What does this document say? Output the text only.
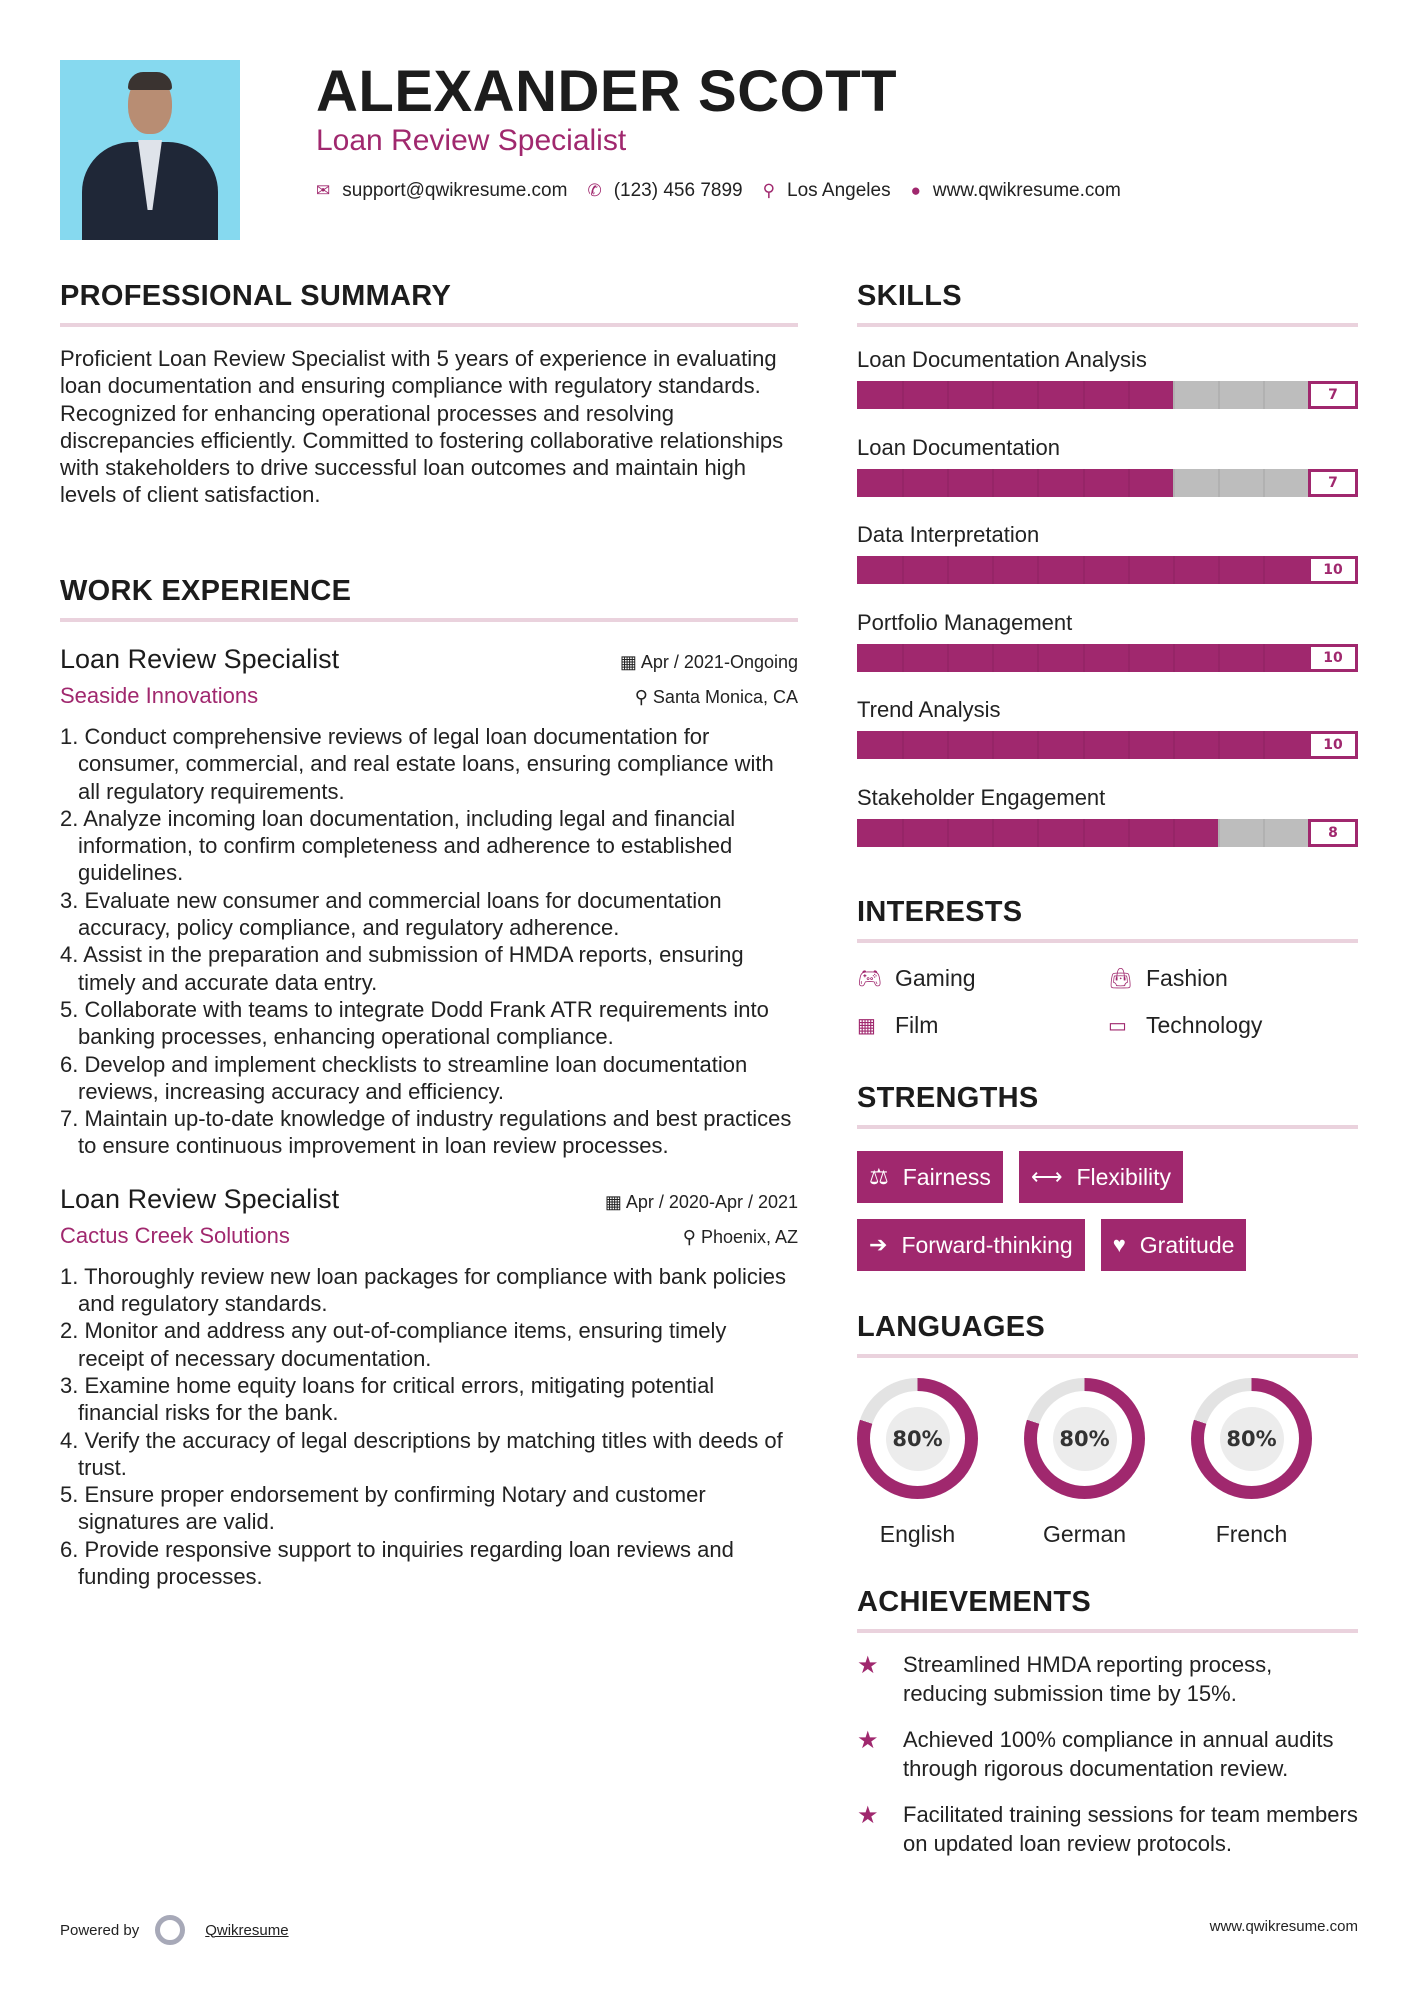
ALEXANDER SCOTT
Loan Review Specialist
✉ support@qwikresume.com ✆ (123) 456 7899 ⚲ Los Angeles ● www.qwikresume.com
PROFESSIONAL SUMMARY

Proficient Loan Review Specialist with 5 years of experience in evaluating loan documentation and ensuring compliance with regulatory standards. Recognized for enhancing operational processes and resolving discrepancies efficiently. Committed to fostering collaborative relationships with stakeholders to drive successful loan outcomes and maintain high levels of client satisfaction.

WORK EXPERIENCE
Loan Review Specialist	▦ Apr / 2021-Ongoing
Seaside Innovations	⚲ Santa Monica, CA
1. Conduct comprehensive reviews of legal loan documentation for consumer, commercial, and real estate loans, ensuring compliance with all regulatory requirements.
2. Analyze incoming loan documentation, including legal and financial information, to confirm completeness and adherence to established guidelines.
3. Evaluate new consumer and commercial loans for documentation accuracy, policy compliance, and regulatory adherence.
4. Assist in the preparation and submission of HMDA reports, ensuring timely and accurate data entry.
5. Collaborate with teams to integrate Dodd Frank ATR requirements into banking processes, enhancing operational compliance.
6. Develop and implement checklists to streamline loan documentation reviews, increasing accuracy and efficiency.
7. Maintain up-to-date knowledge of industry regulations and best practices to ensure continuous improvement in loan review processes.
Loan Review Specialist	▦ Apr / 2020-Apr / 2021
Cactus Creek Solutions	⚲ Phoenix, AZ
1. Thoroughly review new loan packages for compliance with bank policies and regulatory standards.
2. Monitor and address any out-of-compliance items, ensuring timely receipt of necessary documentation.
3. Examine home equity loans for critical errors, mitigating potential financial risks for the bank.
4. Verify the accuracy of legal descriptions by matching titles with deeds of trust.
5. Ensure proper endorsement by confirming Notary and customer signatures are valid.
6. Provide responsive support to inquiries regarding loan reviews and funding processes.
SKILLS
Loan Documentation Analysis
7
Loan Documentation
7
Data Interpretation
10
Portfolio Management
10
Trend Analysis
10
Stakeholder Engagement
8
INTERESTS
🎮︎ Gaming	👜︎ Fashion
▦ Film	▭ Technology
STRENGTHS
⚖ Fairness ⟷ Flexibility
➔ Forward-thinking ♥ Gratitude
LANGUAGES
80%
English
80%
German
80%
French
ACHIEVEMENTS
★	Streamlined HMDA reporting process, reducing submission time by 15%.
★	Achieved 100% compliance in annual audits through rigorous documentation review.
★	Facilitated training sessions for team members on updated loan review protocols.
Powered by	Qwikresume	www.qwikresume.com
